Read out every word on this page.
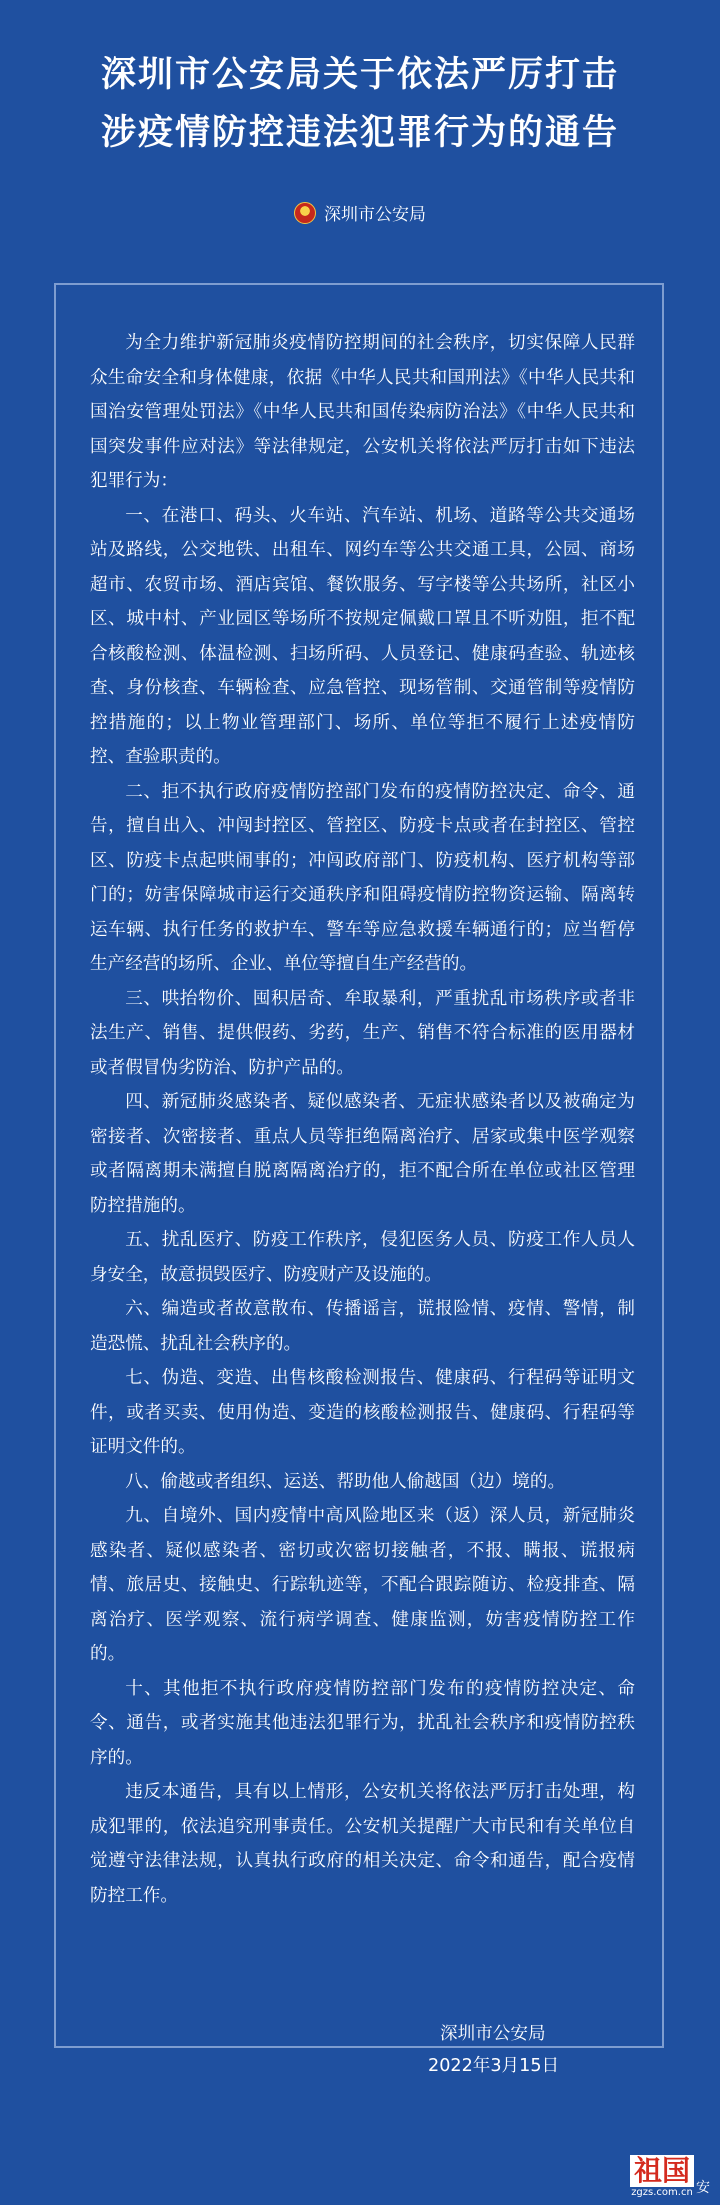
深圳市公安局关于依法严厉打击
涉疫情防控违法犯罪行为的通告
深圳市公安局

为全力维护新冠肺炎疫情防控期间的社会秩序，切实保障人民群众生命安全和身体健康，依据《中华人民共和国刑法》《中华人民共和国治安管理处罚法》《中华人民共和国传染病防治法》《中华人民共和国突发事件应对法》等法律规定，公安机关将依法严厉打击如下违法犯罪行为：

一、在港口、码头、火车站、汽车站、机场、道路等公共交通场站及路线，公交地铁、出租车、网约车等公共交通工具，公园、商场超市、农贸市场、酒店宾馆、餐饮服务、写字楼等公共场所，社区小区、城中村、产业园区等场所不按规定佩戴口罩且不听劝阻，拒不配合核酸检测、体温检测、扫场所码、人员登记、健康码查验、轨迹核查、身份核查、车辆检查、应急管控、现场管制、交通管制等疫情防控措施的；以上物业管理部门、场所、单位等拒不履行上述疫情防控、查验职责的。

二、拒不执行政府疫情防控部门发布的疫情防控决定、命令、通告，擅自出入、冲闯封控区、管控区、防疫卡点或者在封控区、管控区、防疫卡点起哄闹事的；冲闯政府部门、防疫机构、医疗机构等部门的；妨害保障城市运行交通秩序和阻碍疫情防控物资运输、隔离转运车辆、执行任务的救护车、警车等应急救援车辆通行的；应当暂停生产经营的场所、企业、单位等擅自生产经营的。

三、哄抬物价、囤积居奇、牟取暴利，严重扰乱市场秩序或者非法生产、销售、提供假药、劣药，生产、销售不符合标准的医用器材或者假冒伪劣防治、防护产品的。

四、新冠肺炎感染者、疑似感染者、无症状感染者以及被确定为密接者、次密接者、重点人员等拒绝隔离治疗、居家或集中医学观察或者隔离期未满擅自脱离隔离治疗的，拒不配合所在单位或社区管理防控措施的。

五、扰乱医疗、防疫工作秩序，侵犯医务人员、防疫工作人员人身安全，故意损毁医疗、防疫财产及设施的。

六、编造或者故意散布、传播谣言，谎报险情、疫情、警情，制造恐慌、扰乱社会秩序的。

七、伪造、变造、出售核酸检测报告、健康码、行程码等证明文件，或者买卖、使用伪造、变造的核酸检测报告、健康码、行程码等证明文件的。

八、偷越或者组织、运送、帮助他人偷越国（边）境的。

九、自境外、国内疫情中高风险地区来（返）深人员，新冠肺炎感染者、疑似感染者、密切或次密切接触者，不报、瞒报、谎报病情、旅居史、接触史、行踪轨迹等，不配合跟踪随访、检疫排查、隔离治疗、医学观察、流行病学调查、健康监测，妨害疫情防控工作的。

十、其他拒不执行政府疫情防控部门发布的疫情防控决定、命令、通告，或者实施其他违法犯罪行为，扰乱社会秩序和疫情防控秩序的。

违反本通告，具有以上情形，公安机关将依法严厉打击处理，构成犯罪的，依法追究刑事责任。公安机关提醒广大市民和有关单位自觉遵守法律法规，认真执行政府的相关决定、命令和通告，配合疫情防控工作。

深圳市公安局
2022年3月15日
祖国
zgzs.com.cn 安
